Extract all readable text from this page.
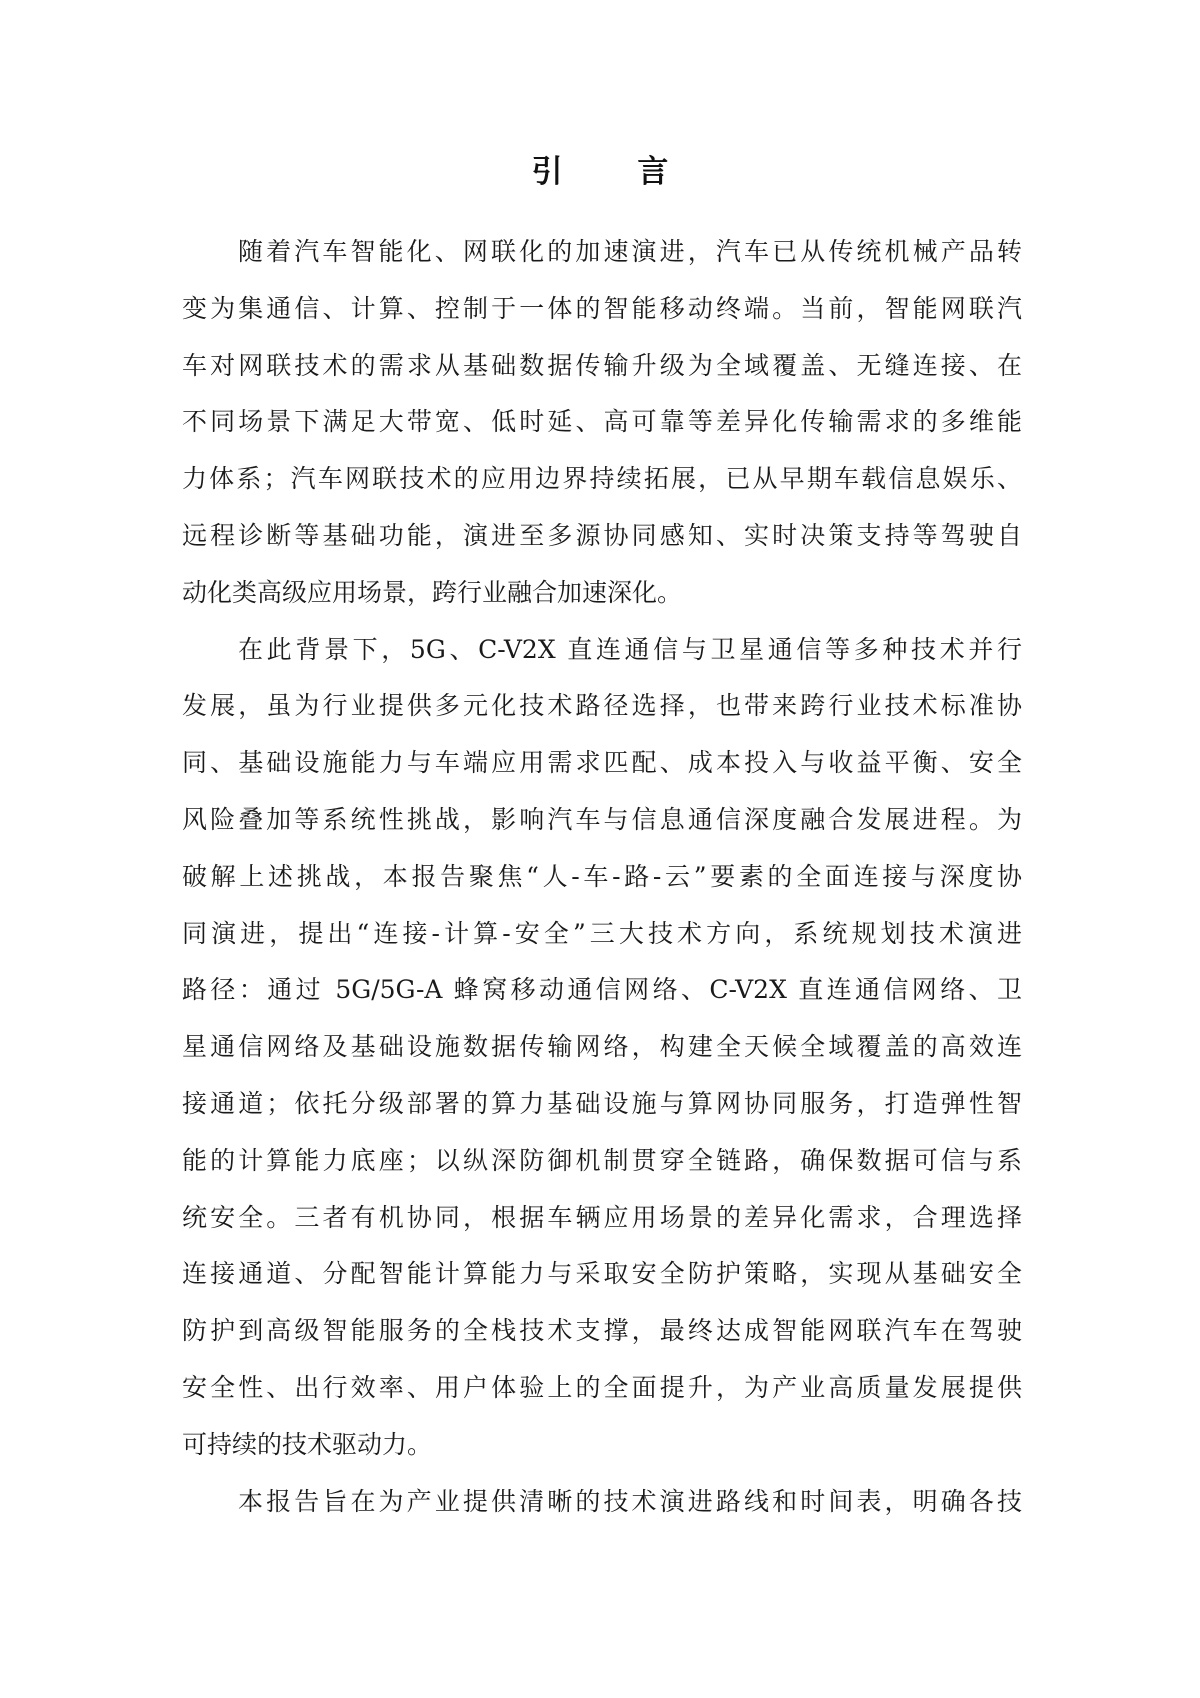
引 言
随着汽车智能化、网联化的加速演进，汽车已从传统机械产品转
变为集通信、计算、控制于一体的智能移动终端。当前，智能网联汽
车对网联技术的需求从基础数据传输升级为全域覆盖、无缝连接、在
不同场景下满足大带宽、低时延、高可靠等差异化传输需求的多维能
力体系；汽车网联技术的应用边界持续拓展，已从早期车载信息娱乐、
远程诊断等基础功能，演进至多源协同感知、实时决策支持等驾驶自
动化类高级应用场景，跨行业融合加速深化。
在此背景下，5G、C-V2X 直连通信与卫星通信等多种技术并行
发展，虽为行业提供多元化技术路径选择，也带来跨行业技术标准协
同、基础设施能力与车端应用需求匹配、成本投入与收益平衡、安全
风险叠加等系统性挑战，影响汽车与信息通信深度融合发展进程。为
破解上述挑战，本报告聚焦“人-车-路-云”要素的全面连接与深度协
同演进，提出“连接-计算-安全”三大技术方向，系统规划技术演进
路径：通过 5G/5G-A 蜂窝移动通信网络、C-V2X 直连通信网络、卫
星通信网络及基础设施数据传输网络，构建全天候全域覆盖的高效连
接通道；依托分级部署的算力基础设施与算网协同服务，打造弹性智
能的计算能力底座；以纵深防御机制贯穿全链路，确保数据可信与系
统安全。三者有机协同，根据车辆应用场景的差异化需求，合理选择
连接通道、分配智能计算能力与采取安全防护策略，实现从基础安全
防护到高级智能服务的全栈技术支撑，最终达成智能网联汽车在驾驶
安全性、出行效率、用户体验上的全面提升，为产业高质量发展提供
可持续的技术驱动力。
本报告旨在为产业提供清晰的技术演进路线和时间表，明确各技
